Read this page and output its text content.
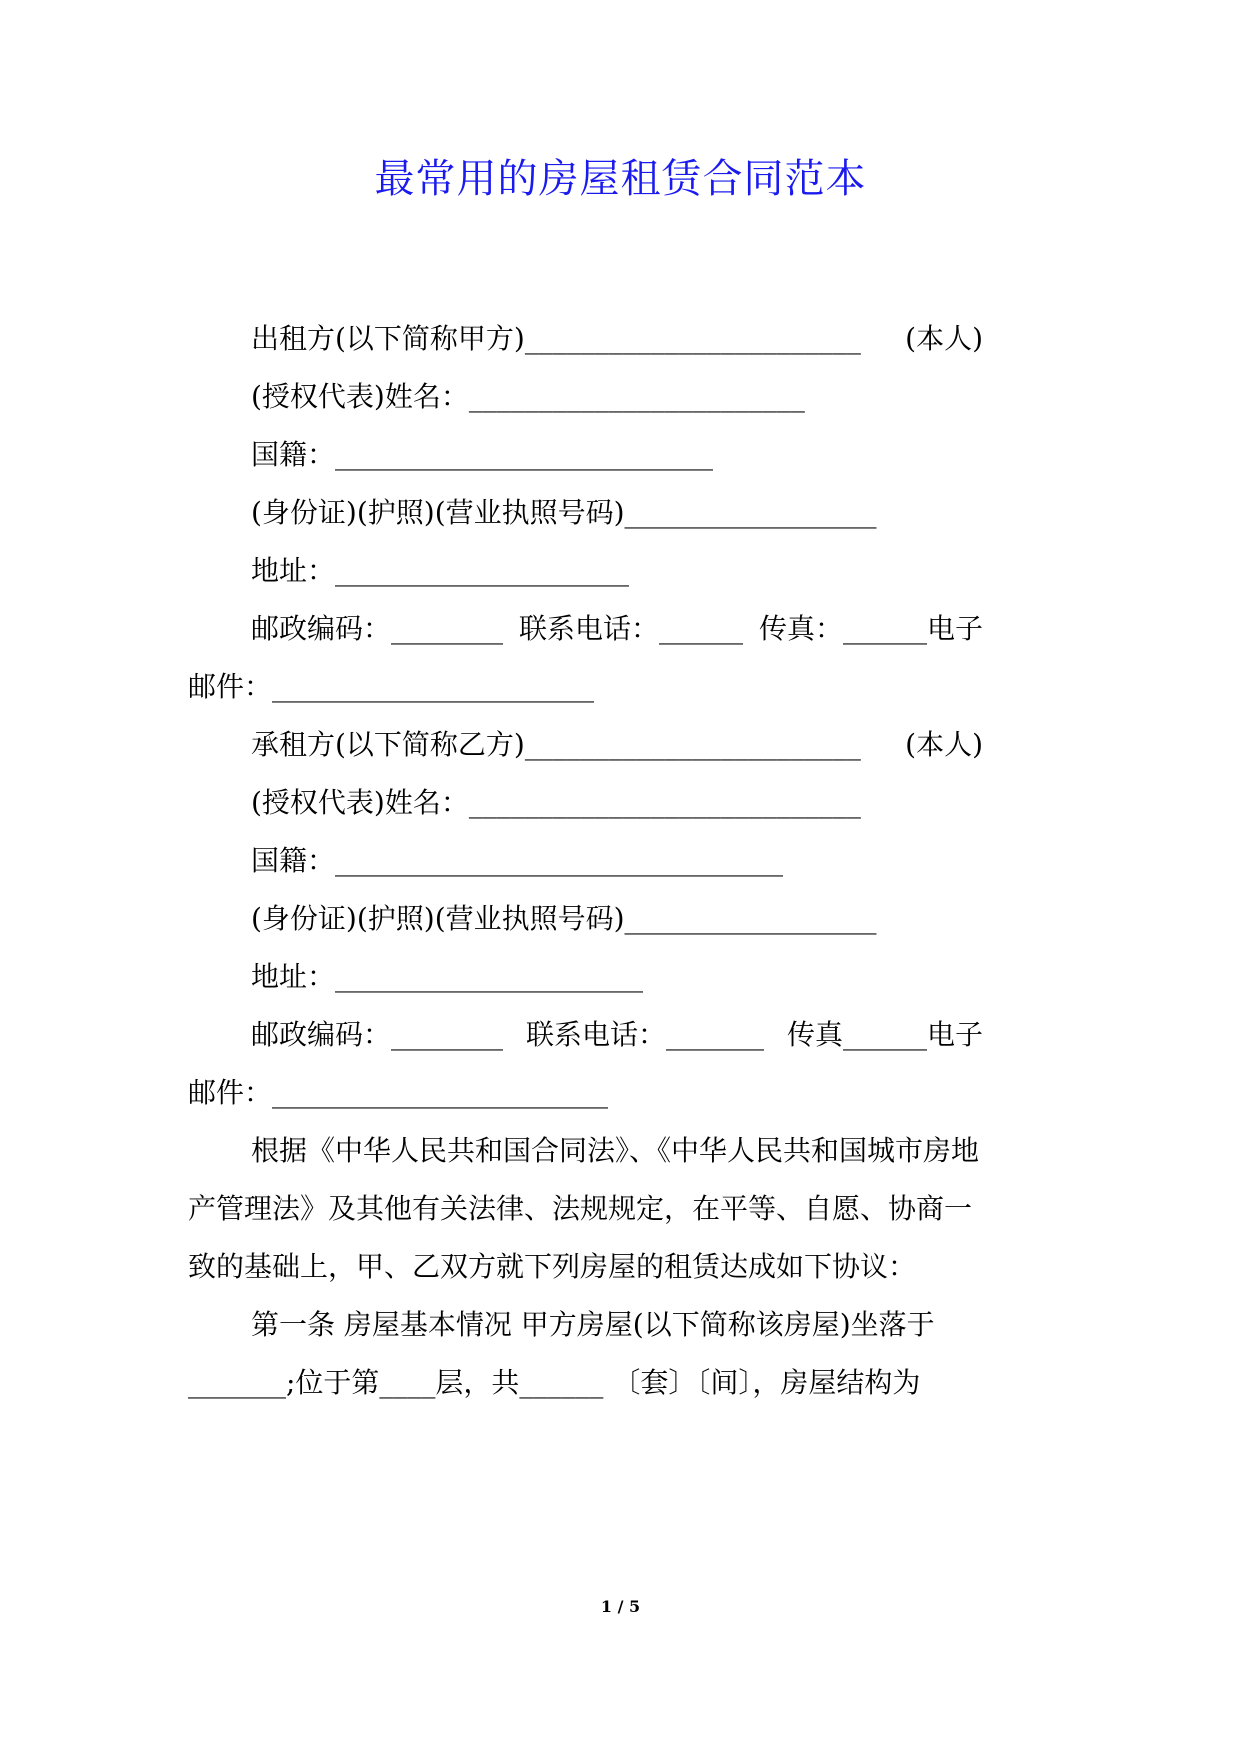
最常用的房屋租赁合同范本
出租方(以下简称甲方)________________________ (本人)
(授权代表)姓名：________________________
国籍：___________________________
(身份证)(护照)(营业执照号码)__________________
地址：_____________________
邮政编码：________ 联系电话：______ 传真：______电子
邮件：_______________________
承租方(以下简称乙方)________________________ (本人)
(授权代表)姓名：____________________________
国籍：________________________________
(身份证)(护照)(营业执照号码)__________________
地址：______________________
邮政编码：________ 联系电话：_______ 传真______电子
邮件：________________________
根据《中华人民共和国合同法》、《中华人民共和国城市房地
产管理法》及其他有关法律、法规规定，在平等、自愿、协商一
致的基础上，甲、乙双方就下列房屋的租赁达成如下协议：
第一条 房屋基本情况 甲方房屋(以下简称该房屋)坐落于
_______;位于第____层，共______ 〔套〕〔间〕，房屋结构为
1 / 5
